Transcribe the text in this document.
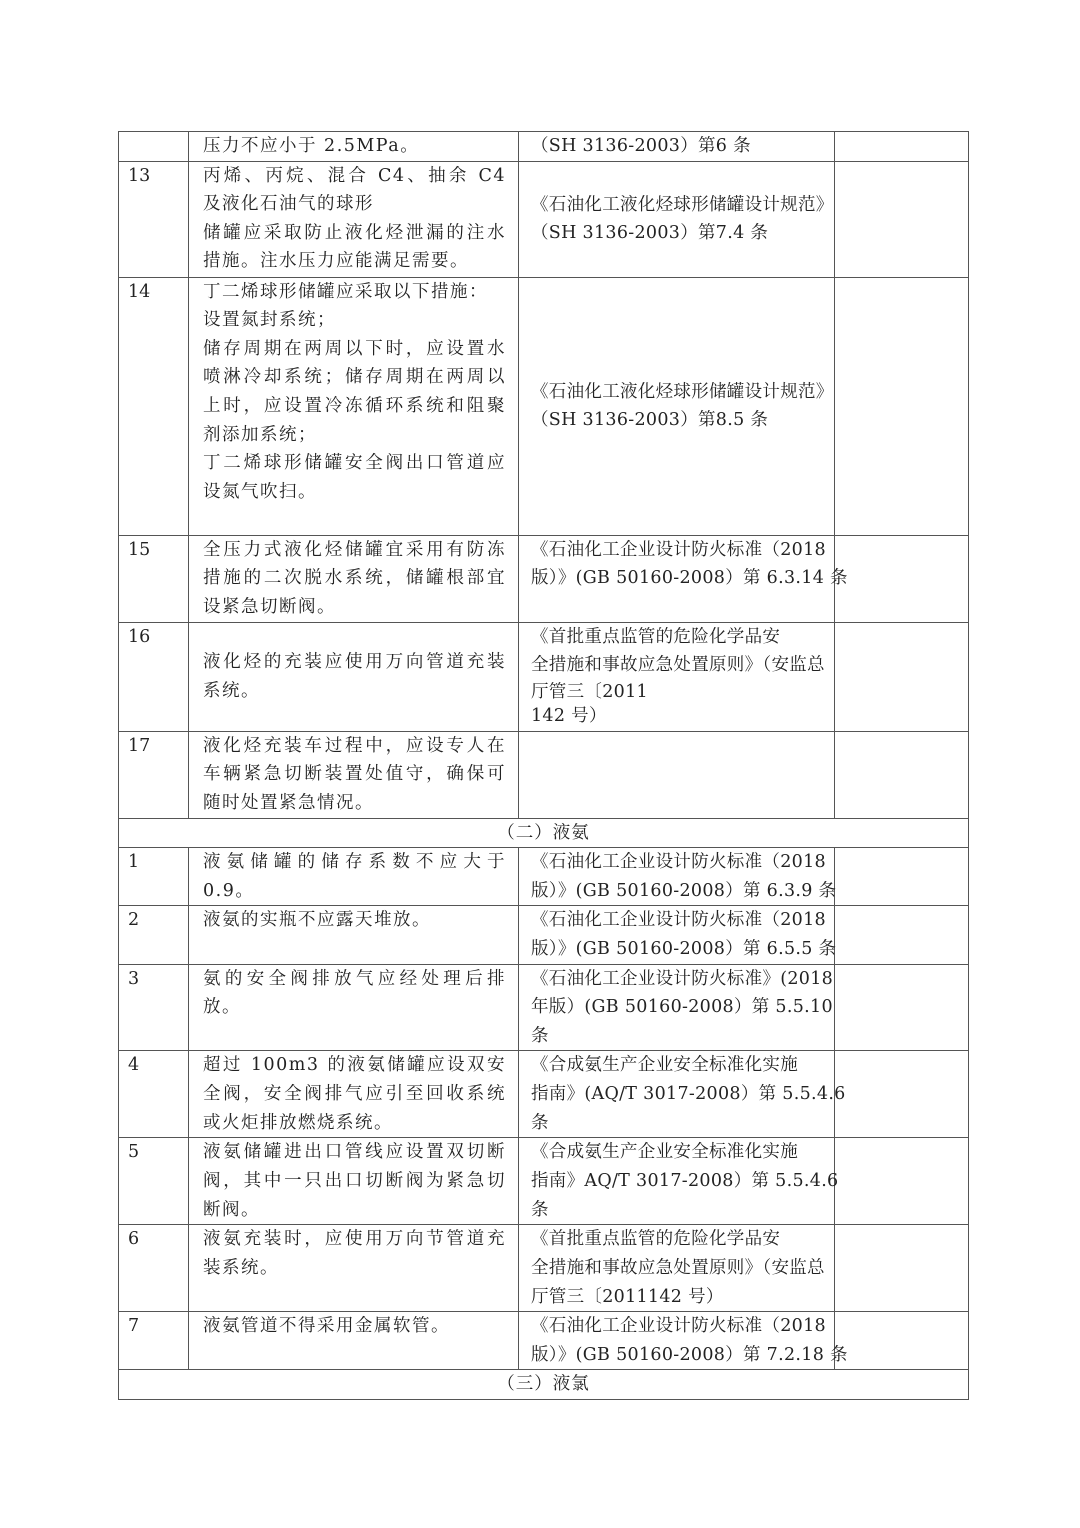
	压力不应小于 2.5MPa。	（SH 3136-2003）第6 条	

13	丙烯、丙烷、混合 C4、抽余 C4 及液化石油气的球形
储罐应采取防止液化烃泄漏的注水措施。注水压力应能满足需要。	《石油化工液化烃球形储罐设计规范》
（SH 3136-2003）第7.4 条	

14	丁二烯球形储罐应采取以下措施：
设置氮封系统；
储存周期在两周以下时，应设置水喷淋冷却系统；储存周期在两周以上时，应设置冷冻循环系统和阻聚剂添加系统；
丁二烯球形储罐安全阀出口管道应设氮气吹扫。	《石油化工液化烃球形储罐设计规范》
（SH 3136-2003）第8.5 条	

15	全压力式液化烃储罐宜采用有防冻措施的二次脱水系统，储罐根部宜设紧急切断阀。	《石油化工企业设计防火标准（2018
版）》(GB 50160-2008）第 6.3.14 条	

16	液化烃的充装应使用万向管道充装系统。	《首批重点监管的危险化学品安
全措施和事故应急处置原则》（安监总
厅管三〔2011
142 号）	

17	液化烃充装车过程中，应设专人在车辆紧急切断装置处值守，确保可随时处置紧急情况。		

（二）液氨			
1	液氨储罐的储存系数不应大于 0.9。	《石油化工企业设计防火标准（2018
版）》(GB 50160-2008）第 6.3.9 条	

2	液氨的实瓶不应露天堆放。	《石油化工企业设计防火标准（2018
版）》(GB 50160-2008）第 6.5.5 条	

3	氨的安全阀排放气应经处理后排放。	《石油化工企业设计防火标准》(2018
年版）(GB 50160-2008）第 5.5.10
条	

4	超过 100m3 的液氨储罐应设双安全阀，安全阀排气应引至回收系统或火炬排放燃烧系统。	《合成氨生产企业安全标准化实施
指南》(AQ/T 3017-2008）第 5.5.4.6
条	

5	液氨储罐进出口管线应设置双切断阀，其中一只出口切断阀为紧急切断阀。	《合成氨生产企业安全标准化实施
指南》AQ/T 3017-2008）第 5.5.4.6
条	

6	液氨充装时，应使用万向节管道充装系统。	《首批重点监管的危险化学品安
全措施和事故应急处置原则》（安监总
厅管三〔2011142 号）	

7	液氨管道不得采用金属软管。	《石油化工企业设计防火标准（2018
版）》(GB 50160-2008）第 7.2.18 条	

（三）液氯			
